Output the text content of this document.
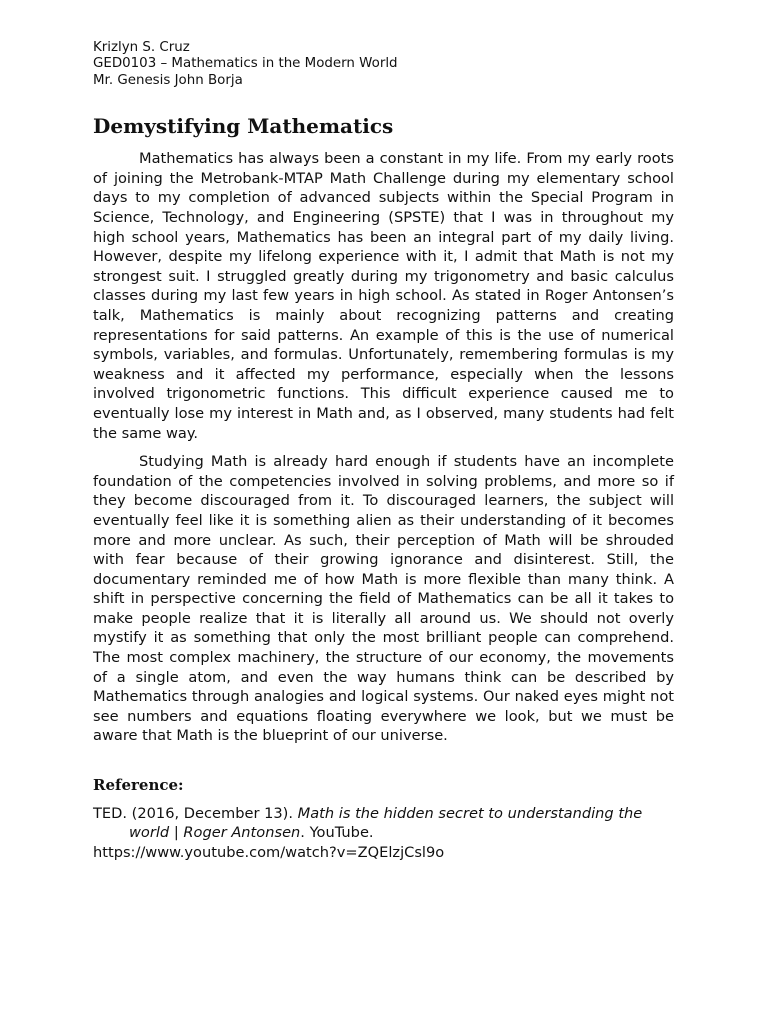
Krizlyn S. Cruz
GED0103 – Mathematics in the Modern World
Mr. Genesis John Borja
Demystifying Mathematics

Mathematics has always been a constant in my life. From my early roots of joining the Metrobank-MTAP Math Challenge during my elementary school days to my completion of advanced subjects within the Special Program in Science, Technology, and Engineering (SPSTE) that I was in throughout my high school years, Mathematics has been an integral part of my daily living. However, despite my lifelong experience with it, I admit that Math is not my strongest suit. I struggled greatly during my trigonometry and basic calculus classes during my last few years in high school. As stated in Roger Antonsen’s talk, Mathematics is mainly about recognizing patterns and creating representations for said patterns. An example of this is the use of numerical symbols, variables, and formulas. Unfortunately, remembering formulas is my weakness and it affected my performance, especially when the lessons involved trigonometric functions. This difficult experience caused me to eventually lose my interest in Math and, as I observed, many students had felt the same way.

Studying Math is already hard enough if students have an incomplete foundation of the competencies involved in solving problems, and more so if they become discouraged from it. To discouraged learners, the subject will eventually feel like it is something alien as their understanding of it becomes more and more unclear. As such, their perception of Math will be shrouded with fear because of their growing ignorance and disinterest. Still, the documentary reminded me of how Math is more flexible than many think. A shift in perspective concerning the field of Mathematics can be all it takes to make people realize that it is literally all around us. We should not overly mystify it as something that only the most brilliant people can comprehend. The most complex machinery, the structure of our economy, the movements of a single atom, and even the way humans think can be described by Mathematics through analogies and logical systems. Our naked eyes might not see numbers and equations floating everywhere we look, but we must be aware that Math is the blueprint of our universe.

Reference:
TED. (2016, December 13). Math is the hidden secret to understanding the world | Roger Antonsen. YouTube.
https://www.youtube.com/watch?v=ZQElzjCsl9o
